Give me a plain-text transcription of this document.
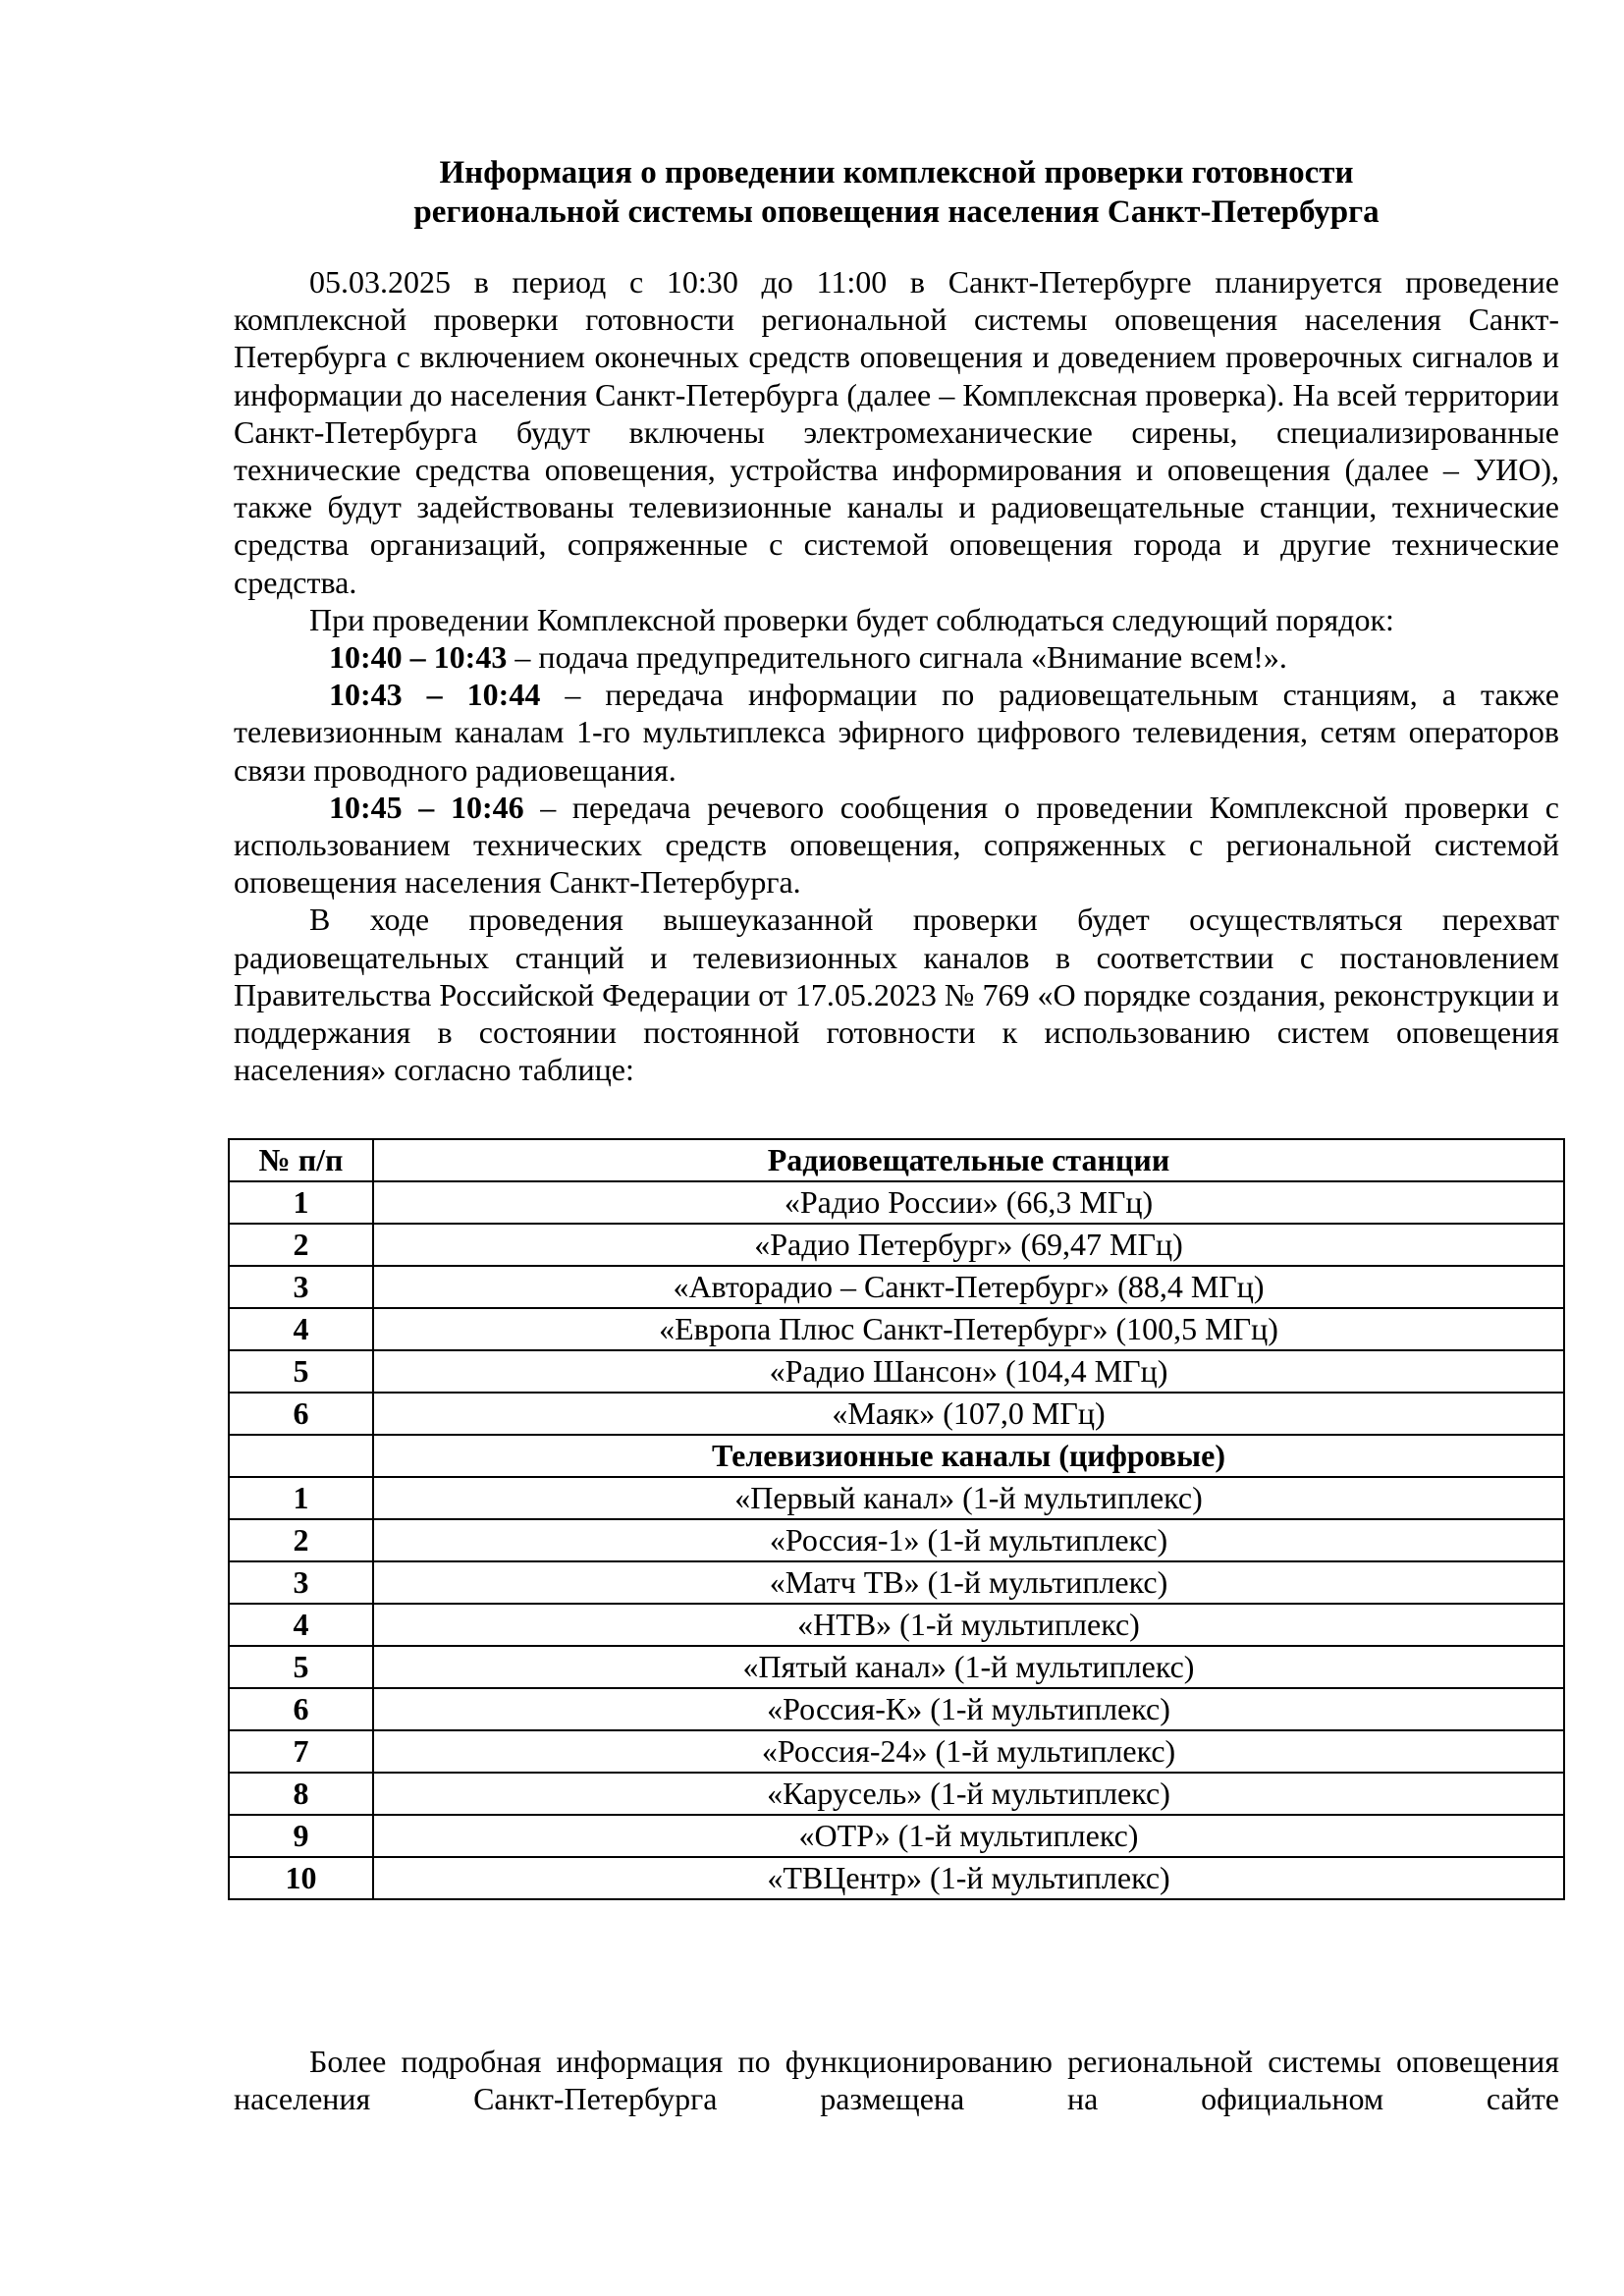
Информация о проведении комплексной проверки готовности
региональной системы оповещения населения Санкт-Петербурга

05.03.2025 в период с 10:30 до 11:00 в Санкт-Петербурге планируется проведение комплексной проверки готовности региональной системы оповещения населения Санкт-Петербурга с включением оконечных средств оповещения и доведением проверочных сигналов и информации до населения Санкт-Петербурга (далее – Комплексная проверка). На всей территории Санкт-Петербурга будут включены электромеханические сирены, специализированные технические средства оповещения, устройства информирования и оповещения (далее – УИО), также будут задействованы телевизионные каналы и радиовещательные станции, технические средства организаций, сопряженные с системой оповещения города и другие технические средства.

При проведении Комплексной проверки будет соблюдаться следующий порядок:

10:40 – 10:43 – подача предупредительного сигнала «Внимание всем!».

10:43 – 10:44 – передача информации по радиовещательным станциям, а также телевизионным каналам 1-го мультиплекса эфирного цифрового телевидения, сетям операторов связи проводного радиовещания.

10:45 – 10:46 – передача речевого сообщения о проведении Комплексной проверки с использованием технических средств оповещения, сопряженных с региональной системой оповещения населения Санкт-Петербурга.

В ходе проведения вышеуказанной проверки будет осуществляться перехват радиовещательных станций и телевизионных каналов в соответствии с постановлением Правительства Российской Федерации от 17.05.2023 № 769 «О порядке создания, реконструкции и поддержания в состоянии постоянной готовности к использованию систем оповещения населения» согласно таблице:

№ п/п	Радиовещательные станции
1	«Радио России» (66,3 МГц)
2	«Радио Петербург» (69,47 МГц)
3	«Авторадио – Санкт-Петербург» (88,4 МГц)
4	«Европа Плюс Санкт-Петербург» (100,5 МГц)
5	«Радио Шансон» (104,4 МГц)
6	«Маяк» (107,0 МГц)
	Телевизионные каналы (цифровые)
1	«Первый канал» (1-й мультиплекс)
2	«Россия-1» (1-й мультиплекс)
3	«Матч ТВ» (1-й мультиплекс)
4	«НТВ» (1-й мультиплекс)
5	«Пятый канал» (1-й мультиплекс)
6	«Россия-К» (1-й мультиплекс)
7	«Россия-24» (1-й мультиплекс)
8	«Карусель» (1-й мультиплекс)
9	«ОТР» (1-й мультиплекс)
10	«ТВЦентр» (1-й мультиплекс)

Более подробная информация по функционированию региональной системы оповещения населения Санкт-Петербурга размещена на официальном сайте
